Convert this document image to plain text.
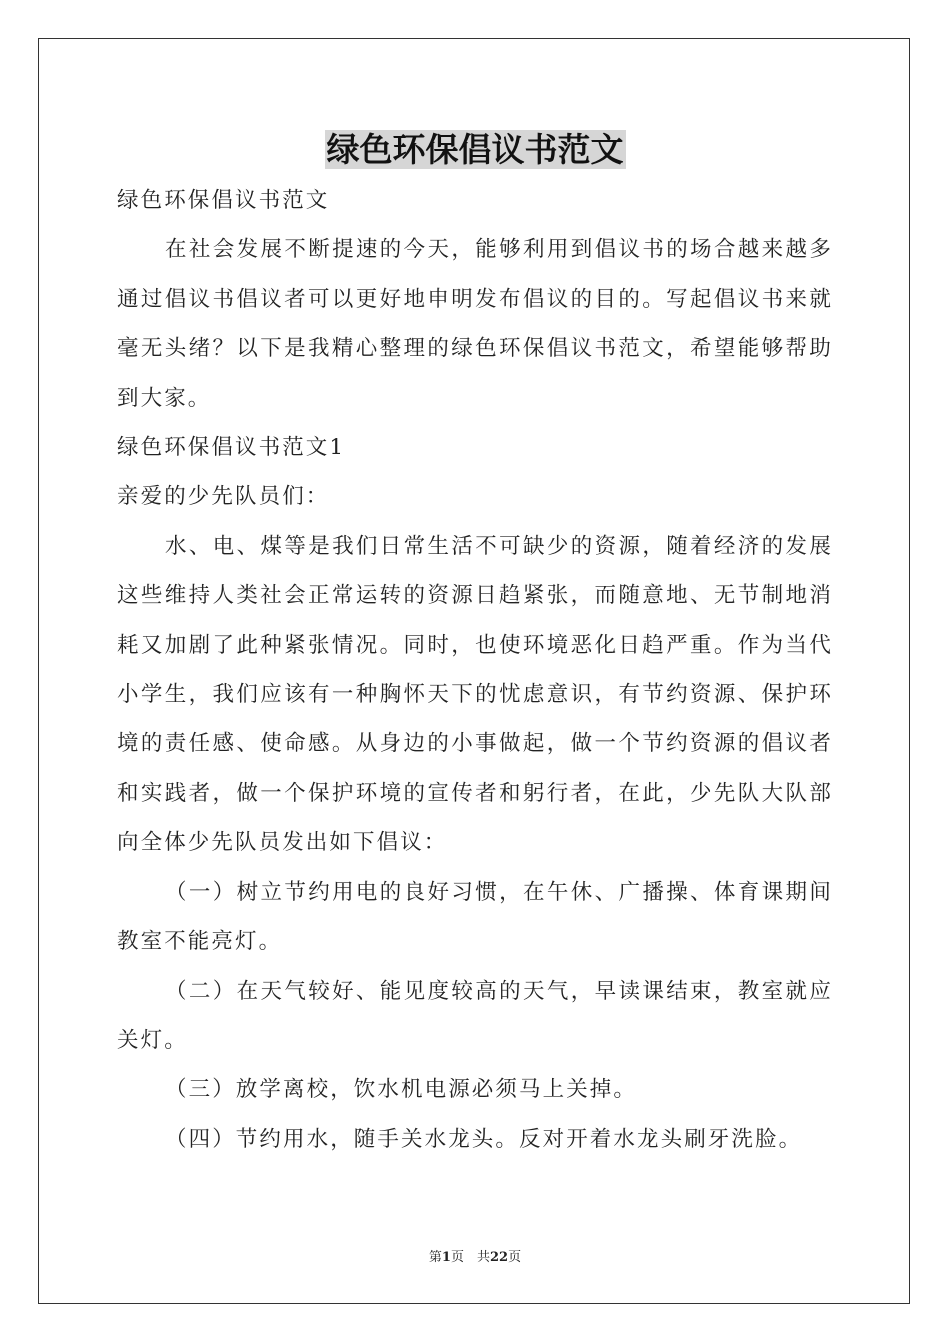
绿色环保倡议书范文

绿色环保倡议书范文

在社会发展不断提速的今天，能够利用到倡议书的场合越来越多通过倡议书倡议者可以更好地申明发布倡议的目的。写起倡议书来就毫无头绪？以下是我精心整理的绿色环保倡议书范文，希望能够帮助到大家。

绿色环保倡议书范文1

亲爱的少先队员们：

水、电、煤等是我们日常生活不可缺少的资源，随着经济的发展这些维持人类社会正常运转的资源日趋紧张，而随意地、无节制地消耗又加剧了此种紧张情况。同时，也使环境恶化日趋严重。作为当代小学生，我们应该有一种胸怀天下的忧虑意识，有节约资源、保护环境的责任感、使命感。从身边的小事做起，做一个节约资源的倡议者和实践者，做一个保护环境的宣传者和躬行者，在此，少先队大队部向全体少先队员发出如下倡议：

（一）树立节约用电的良好习惯，在午休、广播操、体育课期间教室不能亮灯。

（二）在天气较好、能见度较高的天气，早读课结束，教室就应关灯。

（三）放学离校，饮水机电源必须马上关掉。

（四）节约用水，随手关水龙头。反对开着水龙头刷牙洗脸。

第1页　共22页
